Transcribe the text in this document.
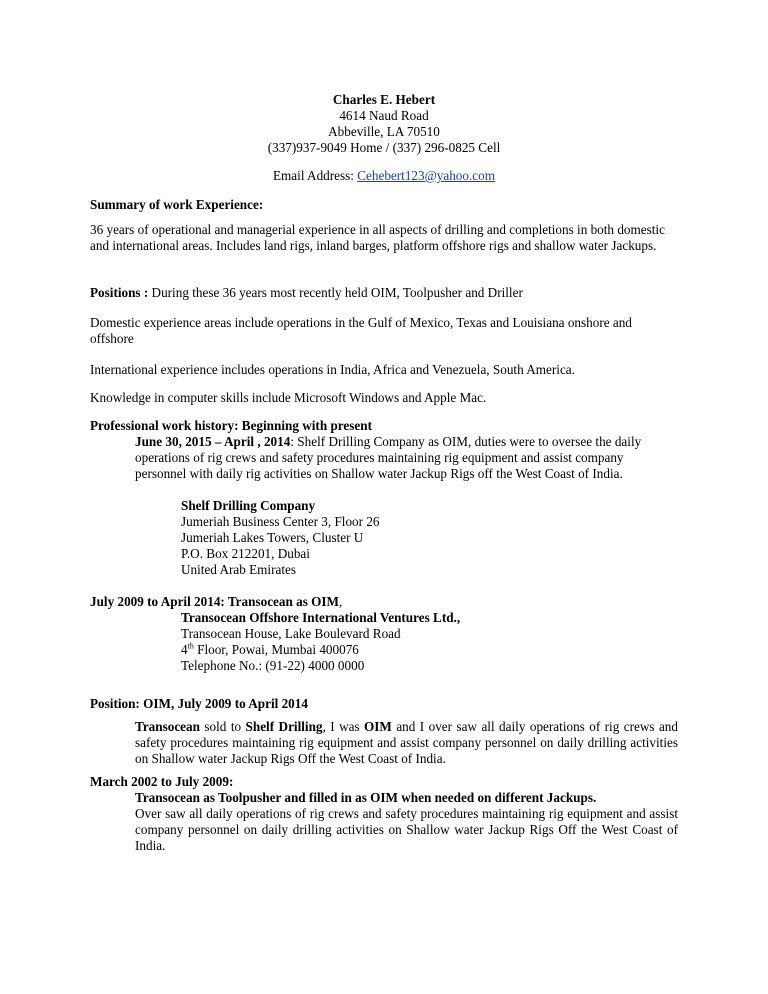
Charles E. Hebert
4614 Naud Road
Abbeville, LA 70510
(337)937-9049 Home / (337) 296-0825 Cell
Email Address: Cehebert123@yahoo.com
Summary of work Experience:
36 years of operational and managerial experience in all aspects of drilling and completions in both domestic and international areas. Includes land rigs, inland barges, platform offshore rigs and shallow water Jackups.
Positions : During these 36 years most recently held OIM, Toolpusher and Driller
Domestic experience areas include operations in the Gulf of Mexico, Texas and Louisiana onshore and offshore
International experience includes operations in India, Africa and Venezuela, South America.
Knowledge in computer skills include Microsoft Windows and Apple Mac.
Professional work history: Beginning with present
June 30, 2015 – April , 2014: Shelf Drilling Company as OIM, duties were to oversee the daily operations of rig crews and safety procedures maintaining rig equipment and assist company personnel with daily rig activities on Shallow water Jackup Rigs off the West Coast of India.
Shelf Drilling Company
Jumeriah Business Center 3, Floor 26
Jumeriah Lakes Towers, Cluster U
P.O. Box 212201, Dubai
United Arab Emirates
July 2009 to April 2014: Transocean as OIM,
Transocean Offshore International Ventures Ltd.,
Transocean House, Lake Boulevard Road
4th Floor, Powai, Mumbai 400076
Telephone No.: (91-22) 4000 0000
Position: OIM, July 2009 to April 2014
Transocean sold to Shelf Drilling, I was OIM and I over saw all daily operations of rig crews and safety procedures maintaining rig equipment and assist company personnel on daily drilling activities on Shallow water Jackup Rigs Off the West Coast of India.
March 2002 to July 2009:
Transocean as Toolpusher and filled in as OIM when needed on different Jackups.
Over saw all daily operations of rig crews and safety procedures maintaining rig equipment and assist company personnel on daily drilling activities on Shallow water Jackup Rigs Off the West Coast of India.
